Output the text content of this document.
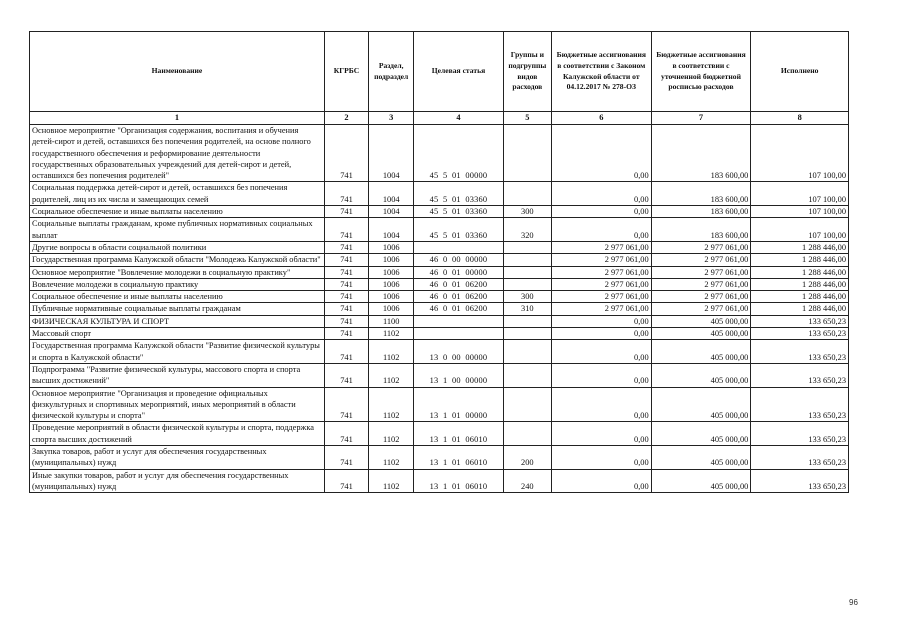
Наименование	КГРБС	Раздел, подраздел	Целевая статья	Группы и подгруппы видов расходов	Бюджетные ассигнования в соответствии с Законом Калужской области от 04.12.2017 № 278-ОЗ	Бюджетные ассигнования в соответствии с уточненной бюджетной росписью расходов	Исполнено
1	2	3	4	5	6	7	8
Основное мероприятие "Организация содержания, воспитания и обучения детей-сирот и детей, оставшихся без попечения родителей, на основе полного государственного обеспечения и реформирование деятельности государственных образовательных учреждений для детей-сирот и детей, оставшихся без попечения родителей"	741	1004	45  5  01  00000		0,00	183 600,00	107 100,00
Социальная поддержка детей-сирот и детей, оставшихся без попечения родителей, лиц из их числа и замещающих семей	741	1004	45  5  01  03360		0,00	183 600,00	107 100,00
Социальное обеспечение и иные выплаты населению	741	1004	45  5  01  03360	300	0,00	183 600,00	107 100,00
Социальные выплаты гражданам, кроме публичных нормативных социальных выплат	741	1004	45  5  01  03360	320	0,00	183 600,00	107 100,00
Другие вопросы в области социальной политики	741	1006			2 977 061,00	2 977 061,00	1 288 446,00
Государственная программа Калужской области "Молодежь Калужской области"	741	1006	46  0  00  00000		2 977 061,00	2 977 061,00	1 288 446,00
Основное мероприятие "Вовлечение молодежи в социальную практику"	741	1006	46  0  01  00000		2 977 061,00	2 977 061,00	1 288 446,00
Вовлечение молодежи в социальную практику	741	1006	46  0  01  06200		2 977 061,00	2 977 061,00	1 288 446,00
Социальное обеспечение и иные выплаты населению	741	1006	46  0  01  06200	300	2 977 061,00	2 977 061,00	1 288 446,00
Публичные нормативные социальные выплаты гражданам	741	1006	46  0  01  06200	310	2 977 061,00	2 977 061,00	1 288 446,00
ФИЗИЧЕСКАЯ КУЛЬТУРА И СПОРТ	741	1100			0,00	405 000,00	133 650,23
Массовый спорт	741	1102			0,00	405 000,00	133 650,23
Государственная программа Калужской области "Развитие физической культуры и спорта в Калужской области"	741	1102	13  0  00  00000		0,00	405 000,00	133 650,23
Подпрограмма "Развитие физической культуры, массового спорта и спорта высших достижений"	741	1102	13  1  00  00000		0,00	405 000,00	133 650,23
Основное мероприятие "Организация и проведение официальных физкультурных и спортивных мероприятий, иных мероприятий в области физической культуры и спорта"	741	1102	13  1  01  00000		0,00	405 000,00	133 650,23
Проведение мероприятий в области физической культуры и спорта, поддержка спорта высших достижений	741	1102	13  1  01  06010		0,00	405 000,00	133 650,23
Закупка товаров, работ и услуг для обеспечения государственных (муниципальных) нужд	741	1102	13  1  01  06010	200	0,00	405 000,00	133 650,23
Иные закупки товаров, работ и услуг для обеспечения государственных (муниципальных) нужд	741	1102	13  1  01  06010	240	0,00	405 000,00	133 650,23
96
